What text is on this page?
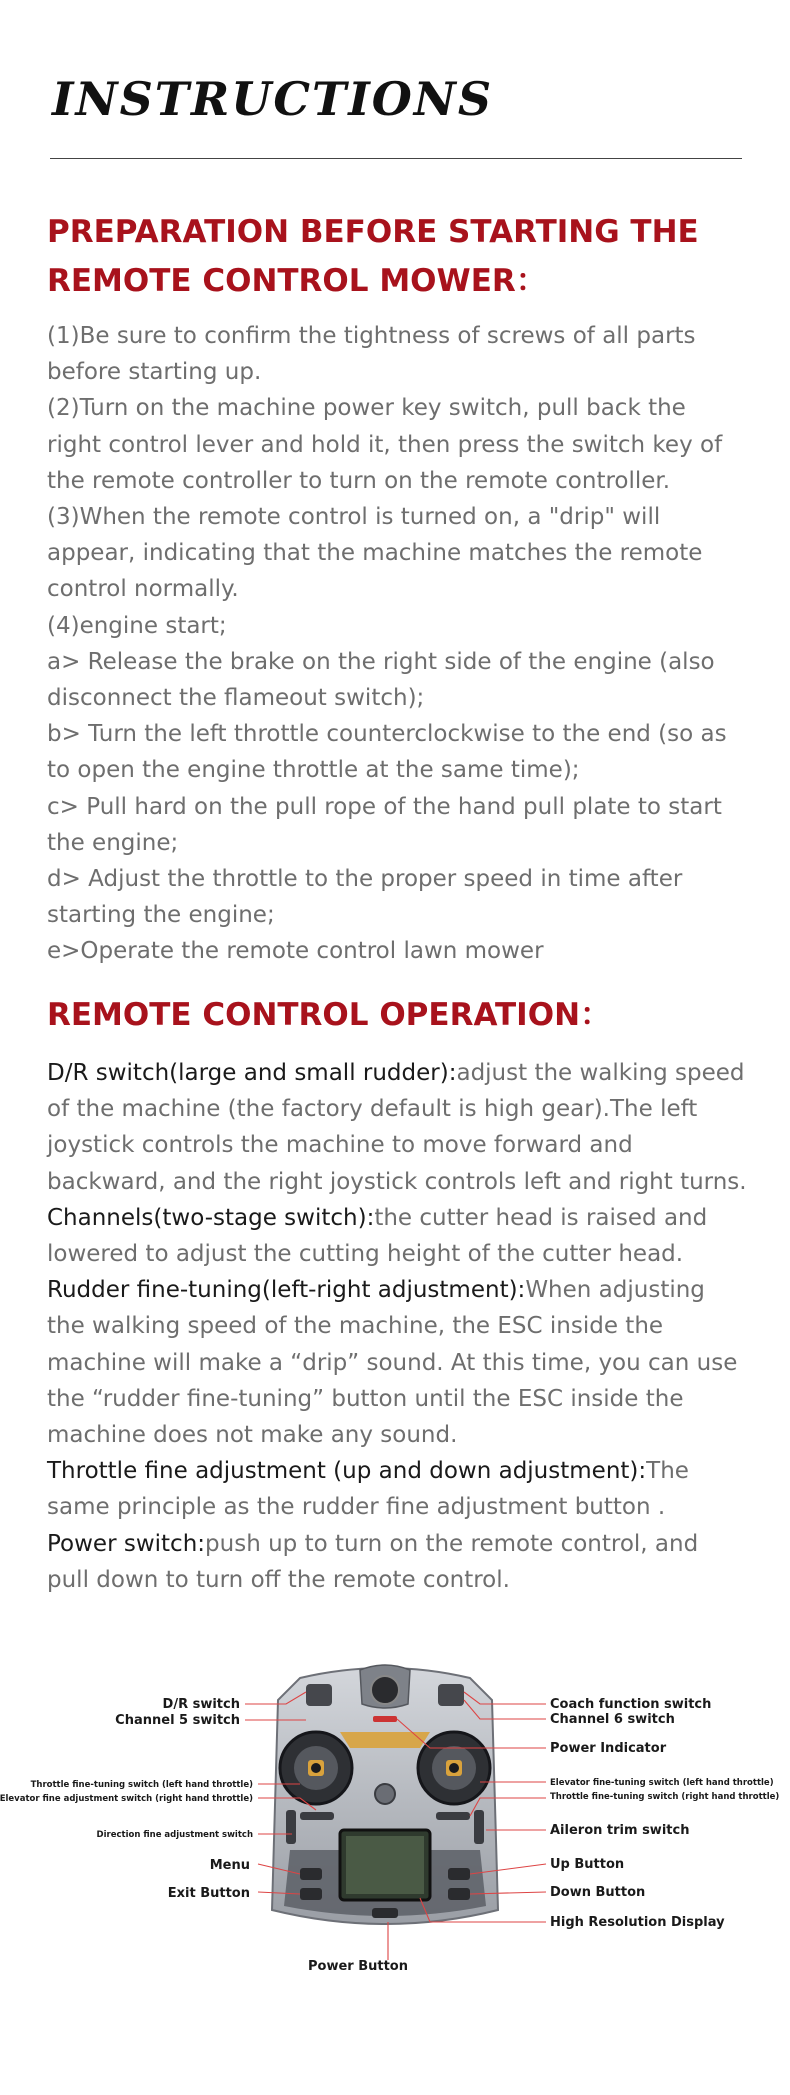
INSTRUCTIONS
PREPARATION BEFORE STARTING THE
REMOTE CONTROL MOWER：

(1)Be sure to confirm the tightness of screws of all parts before starting up.

(2)Turn on the machine power key switch, pull back the right control lever and hold it, then press the switch key of the remote controller to turn on the remote controller.

(3)When the remote control is turned on, a "drip" will appear, indicating that the machine matches the remote control normally.

(4)engine start;

a> Release the brake on the right side of the engine (also disconnect the flameout switch);

b> Turn the left throttle counterclockwise to the end (so as to open the engine throttle at the same time);

c> Pull hard on the pull rope of the hand pull plate to start the engine;

d> Adjust the throttle to the proper speed in time after starting the engine;

e>Operate the remote control lawn mower

REMOTE CONTROL OPERATION：

D/R switch(large and small rudder):adjust the walking speed of the machine (the factory default is high gear).The left joystick controls the machine to move forward and backward, and the right joystick controls left and right turns.

Channels(two-stage switch):the cutter head is raised and lowered to adjust the cutting height of the cutter head.

Rudder fine-tuning(left-right adjustment):When adjusting the walking speed of the machine, the ESC inside the machine will make a “drip” sound. At this time, you can use the “rudder fine-tuning” button until the ESC inside the machine does not make any sound.

Throttle fine adjustment (up and down adjustment):The same principle as the rudder fine adjustment button .

Power switch:push up to turn on the remote control, and pull down to turn off the remote control.

D/R switch
Channel 5 switch
Throttle fine-tuning switch (left hand throttle)
Elevator fine adjustment switch (right hand throttle)
Direction fine adjustment switch
Menu
Exit Button
Power Button
Coach function switch
Channel 6 switch
Power Indicator
Elevator fine-tuning switch (left hand throttle)
Throttle fine-tuning switch (right hand throttle)
Aileron trim switch
Up Button
Down Button
High Resolution Display
